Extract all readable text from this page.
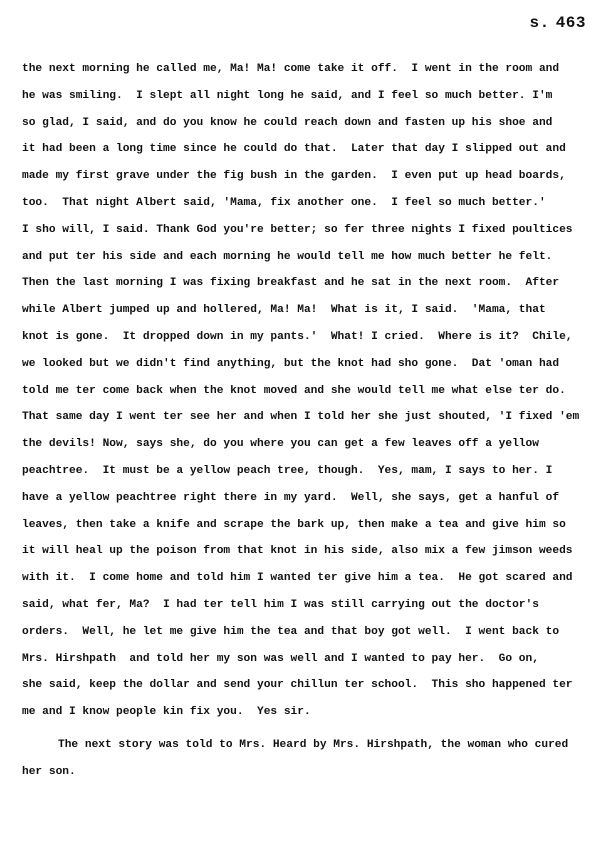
s. 463
the next morning he called me, Ma! Ma! come take it off.  I went in the room and
he was smiling.  I slept all night long he said, and I feel so much better. I'm
so glad, I said, and do you know he could reach down and fasten up his shoe and
it had been a long time since he could do that.  Later that day I slipped out and
made my first grave under the fig bush in the garden.  I even put up head boards,
too.  That night Albert said, 'Mama, fix another one.  I feel so much better.'
I sho will, I said. Thank God you're better; so fer three nights I fixed poultices
and put ter his side and each morning he would tell me how much better he felt.
Then the last morning I was fixing breakfast and he sat in the next room.  After
while Albert jumped up and hollered, Ma! Ma!  What is it, I said.  'Mama, that
knot is gone.  It dropped down in my pants.'  What! I cried.  Where is it?  Chile,
we looked but we didn't find anything, but the knot had sho gone.  Dat 'oman had
told me ter come back when the knot moved and she would tell me what else ter do.
That same day I went ter see her and when I told her she just shouted, 'I fixed 'em
the devils! Now, says she, do you where you can get a few leaves off a yellow
peachtree.  It must be a yellow peach tree, though.  Yes, mam, I says to her. I
have a yellow peachtree right there in my yard.  Well, she says, get a hanful of
leaves, then take a knife and scrape the bark up, then make a tea and give him so
it will heal up the poison from that knot in his side, also mix a few jimson weeds
with it.  I come home and told him I wanted ter give him a tea.  He got scared and
said, what fer, Ma?  I had ter tell him I was still carrying out the doctor's
orders.  Well, he let me give him the tea and that boy got well.  I went back to
Mrs. Hirshpath  and told her my son was well and I wanted to pay her.  Go on,
she said, keep the dollar and send your chillun ter school.  This sho happened ter
me and I know people kin fix you.  Yes sir.
The next story was told to Mrs. Heard by Mrs. Hirshpath, the woman who cured
her son.
